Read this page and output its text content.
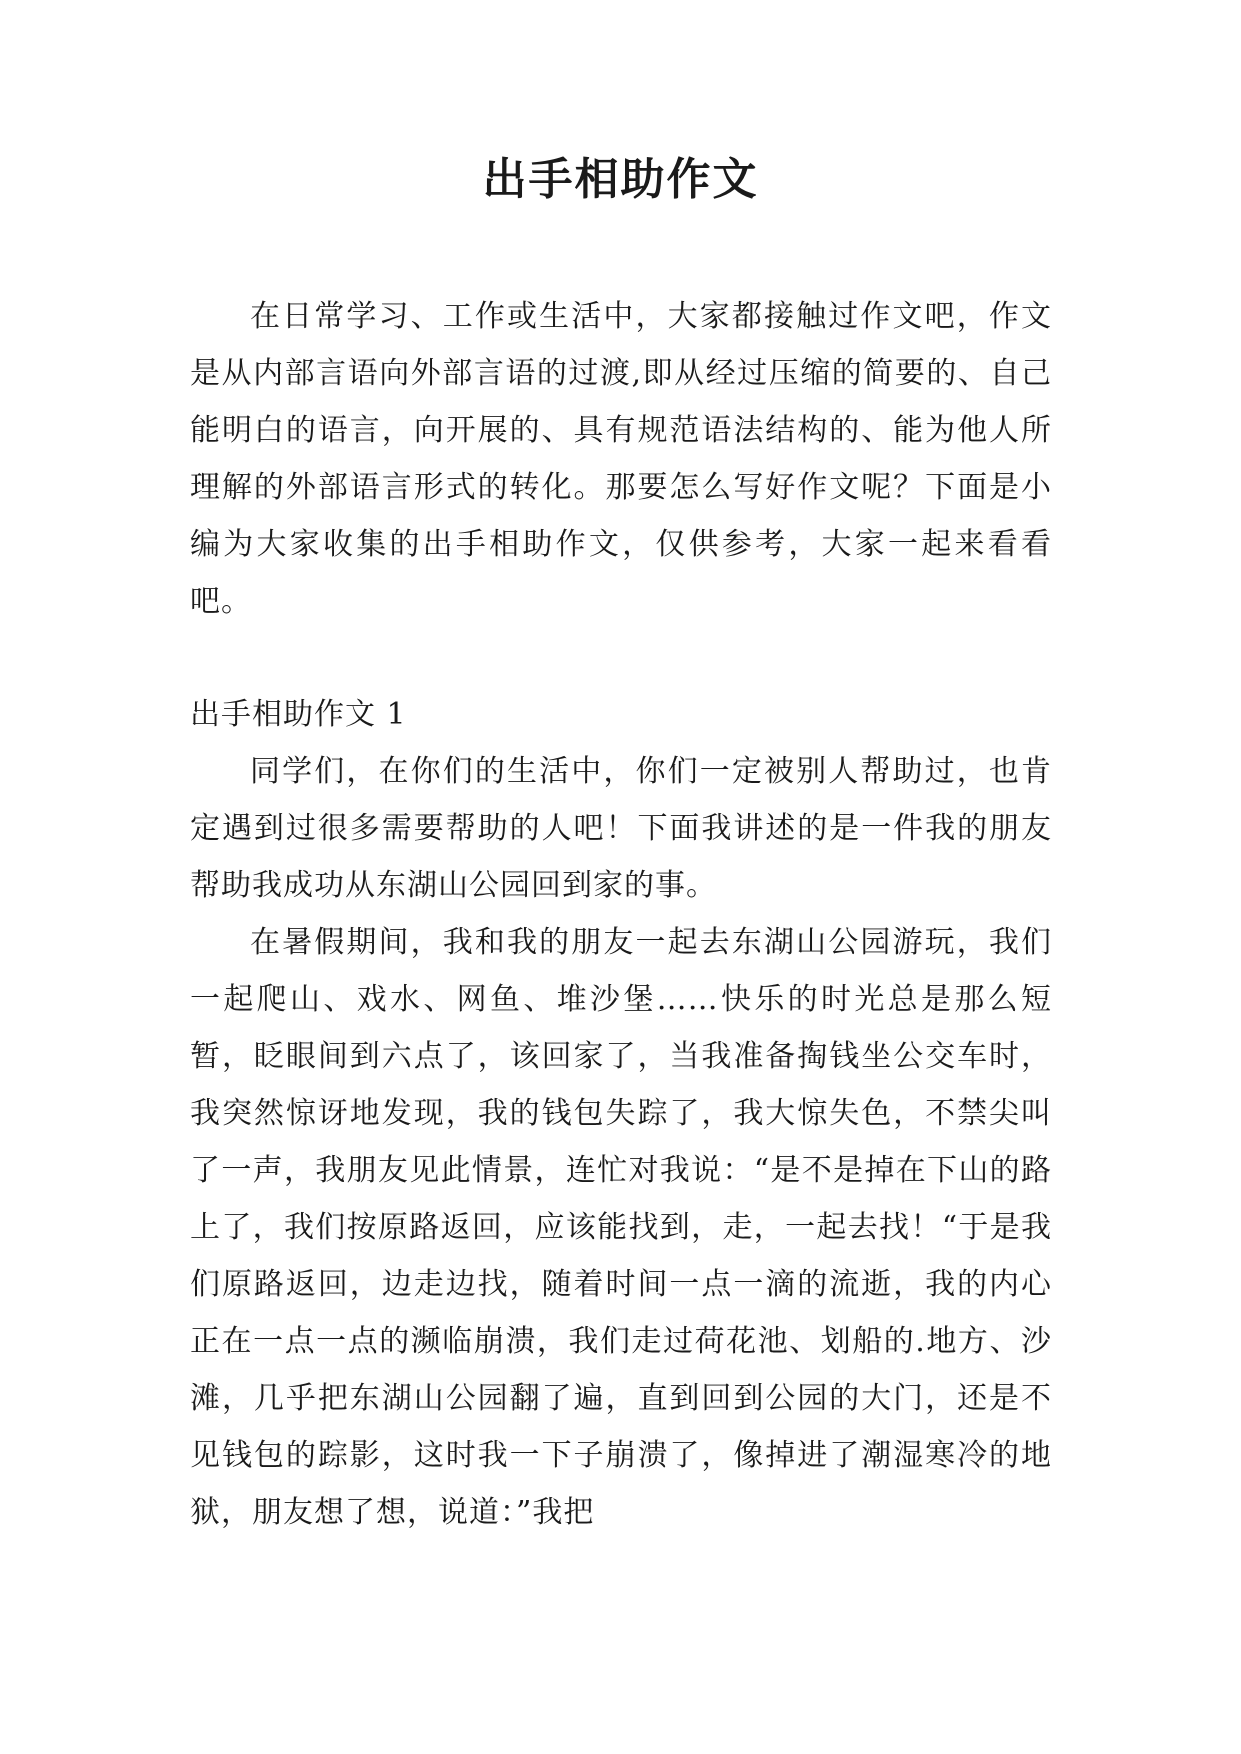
出手相助作文

在日常学习、工作或生活中，大家都接触过作文吧，作文是从内部言语向外部言语的过渡,即从经过压缩的简要的、自己能明白的语言，向开展的、具有规范语法结构的、能为他人所理解的外部语言形式的转化。那要怎么写好作文呢？下面是小编为大家收集的出手相助作文，仅供参考，大家一起来看看吧。

出手相助作文 1

同学们，在你们的生活中，你们一定被别人帮助过，也肯定遇到过很多需要帮助的人吧！下面我讲述的是一件我的朋友帮助我成功从东湖山公园回到家的事。

在暑假期间，我和我的朋友一起去东湖山公园游玩，我们一起爬山、戏水、网鱼、堆沙堡……快乐的时光总是那么短暂，眨眼间到六点了，该回家了，当我准备掏钱坐公交车时，我突然惊讶地发现，我的钱包失踪了，我大惊失色，不禁尖叫了一声，我朋友见此情景，连忙对我说：“是不是掉在下山的路上了，我们按原路返回，应该能找到，走，一起去找！“于是我们原路返回，边走边找，随着时间一点一滴的流逝，我的内心正在一点一点的濒临崩溃，我们走过荷花池、划船的.地方、沙滩，几乎把东湖山公园翻了遍，直到回到公园的大门，还是不见钱包的踪影，这时我一下子崩溃了，像掉进了潮湿寒冷的地狱，朋友想了想，说道：”我把
